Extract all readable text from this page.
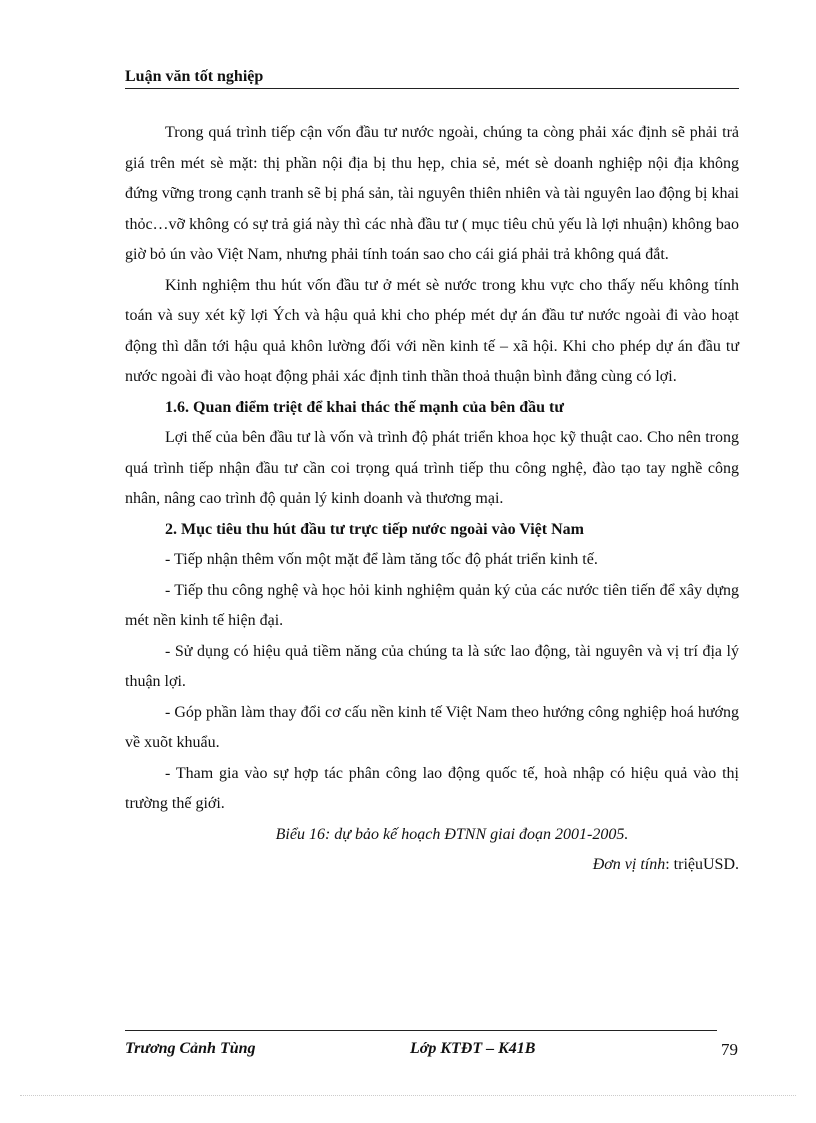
Luận văn tốt nghiệp

Trong quá trình tiếp cận vốn đầu tư nước ngoài, chúng ta còng phải xác định sẽ phải trả giá trên mét sè mặt: thị phần nội địa bị thu hẹp, chia sẻ, mét sè doanh nghiệp nội địa không đứng vững trong cạnh tranh sẽ bị phá sản, tài nguyên thiên nhiên và tài nguyên lao động bị khai thỏc…vỡ không có sự trả giá này thì các nhà đầu tư ( mục tiêu chủ yếu là lợi nhuận) không bao giờ bỏ ún vào Việt Nam, nhưng phải tính toán sao cho cái giá phải trả không quá đắt.

Kinh nghiệm thu hút vốn đầu tư ở mét sè nước trong khu vực cho thấy nếu không tính toán và suy xét kỹ lợi Ých và hậu quả khi cho phép mét dự án đầu tư nước ngoài đi vào hoạt động thì dẫn tới hậu quả khôn lường đối với nền kinh tế – xã hội. Khi cho phép dự án đầu tư nước ngoài đi vào hoạt động phải xác định tinh thần thoả thuận bình đẳng cùng có lợi.

1.6. Quan điểm triệt để khai thác thế mạnh của bên đầu tư

Lợi thế của bên đầu tư là vốn và trình độ phát triển khoa học kỹ thuật cao. Cho nên trong quá trình tiếp nhận đầu tư cần coi trọng quá trình tiếp thu công nghệ, đào tạo tay nghề công nhân, nâng cao trình độ quản lý kinh doanh và thương mại.

2. Mục tiêu thu hút đầu tư trực tiếp nước ngoài vào Việt Nam

- Tiếp nhận thêm vốn một mặt để làm tăng tốc độ phát triển kinh tế.

- Tiếp thu công nghệ và học hỏi kinh nghiệm quản ký của các nước tiên tiến để xây dựng mét nền kinh tế hiện đại.

- Sử dụng có hiệu quả tiềm năng của chúng ta là sức lao động, tài nguyên và vị trí địa lý thuận lợi.

- Góp phần làm thay đổi cơ cấu nền kinh tế Việt Nam theo hướng công nghiệp hoá hướng về xuõt khuẩu.

- Tham gia vào sự hợp tác phân công lao động quốc tế, hoà nhập có hiệu quả vào thị trường thế giới.

Biểu 16: dự bảo kế hoạch ĐTNN giai đoạn 2001-2005.

Đơn vị tính: triệuUSD.

Trương Cảnh Tùng	Lớp KTĐT – K41B	79
